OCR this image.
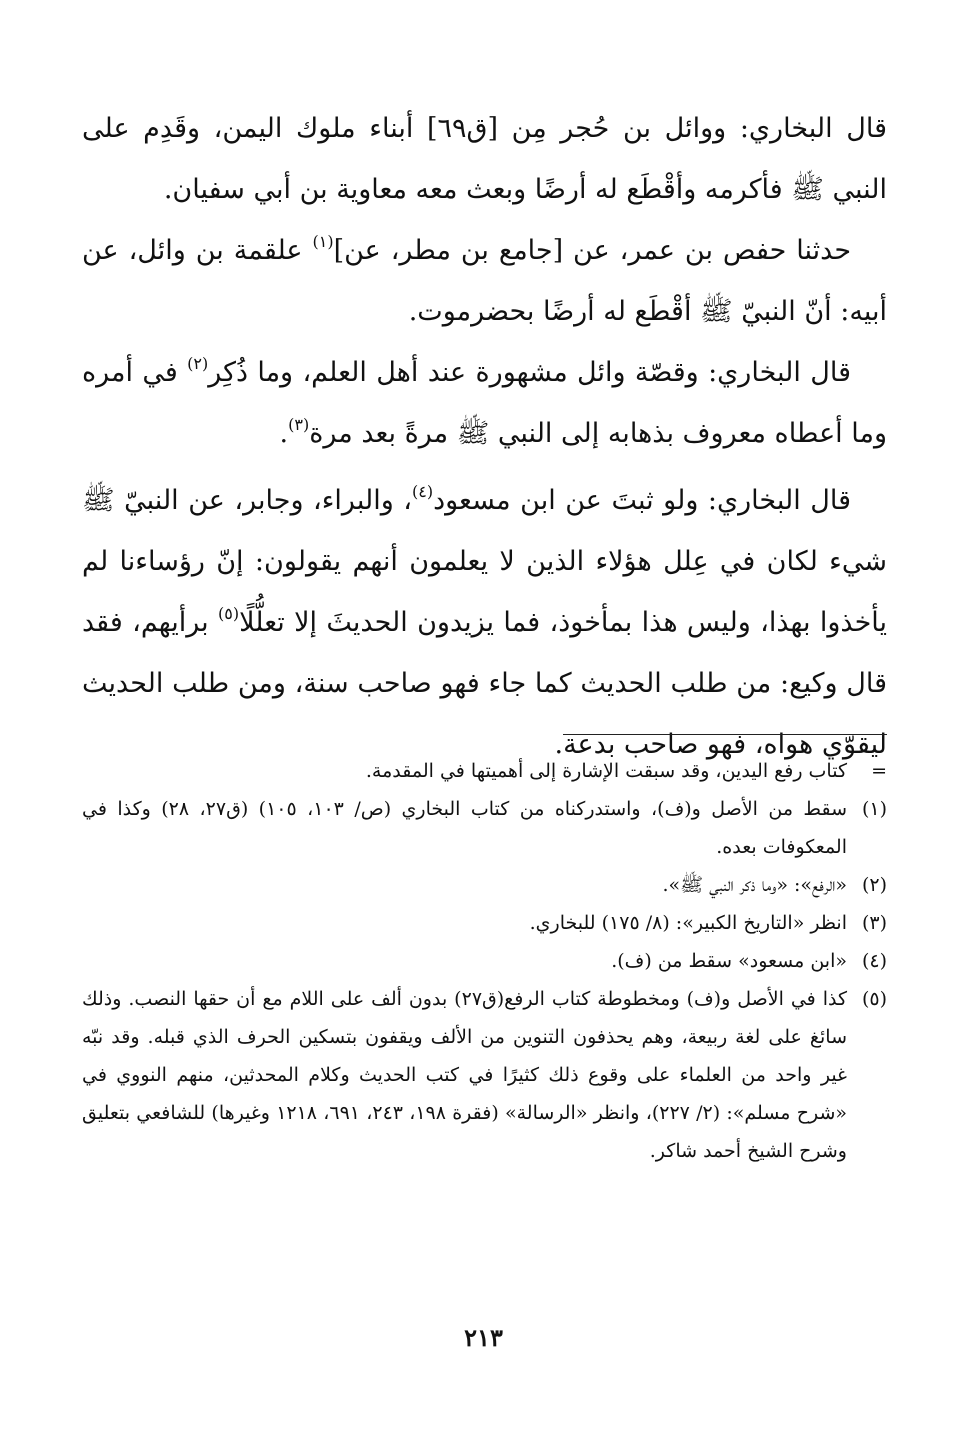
قال البخاري: ووائل بن حُجر مِن [ق٦٩] أبناء ملوك اليمن، وقَدِم على النبي ﷺ فأكرمه وأقْطَع له أرضًا وبعث معه معاوية بن أبي سفيان.

حدثنا حفص بن عمر، عن [جامع بن مطر، عن]$^{(١)}$ علقمة بن وائل، عن أبيه: أنّ النبيّ ﷺ أقْطَع له أرضًا بحضرموت.

قال البخاري: وقصّة وائل مشهورة عند أهل العلم، وما ذُكِر$^{(٢)}$ في أمره وما أعطاه معروف بذهابه إلى النبي ﷺ مرةً بعد مرة$^{(٣)}$.

قال البخاري: ولو ثبتَ عن ابن مسعود$^{(٤)}$، والبراء، وجابر، عن النبيّ ﷺ شيء لكان في عِلل هؤلاء الذين لا يعلمون أنهم يقولون: إنّ رؤساءنا لم يأخذوا بهذا، وليس هذا بمأخوذ، فما يزيدون الحديثَ إلا تعلُّلًا$^{(٥)}$ برأيهم، فقد قال وكيع: من طلب الحديث كما جاء فهو صاحب سنة، ومن طلب الحديث ليقوّي هواه، فهو صاحب بدعة.

=
كتاب رفع اليدين، وقد سبقت الإشارة إلى أهميتها في المقدمة.
(١)
سقط من الأصل و(ف)، واستدركناه من كتاب البخاري (ص/ ١٠٣، ١٠٥) (ق٢٧، ٢٨) وكذا في المعكوفات بعده.
(٢)
«الرفع»: «وما ذكر النبي ﷺ».
(٣)
انظر «التاريخ الكبير»: (٨/ ١٧٥) للبخاري.
(٤)
«ابن مسعود» سقط من (ف).
(٥)
كذا في الأصل و(ف) ومخطوطة كتاب الرفع(ق٢٧) بدون ألف على اللام مع أن حقها النصب. وذلك سائغ على لغة ربيعة، وهم يحذفون التنوين من الألف ويقفون بتسكين الحرف الذي قبله. وقد نبّه غير واحد من العلماء على وقوع ذلك كثيرًا في كتب الحديث وكلام المحدثين، منهم النووي في «شرح مسلم»: (٢/ ٢٢٧)، وانظر «الرسالة» (فقرة ١٩٨، ٢٤٣، ٦٩١، ١٢١٨ وغيرها) للشافعي بتعليق وشرح الشيخ أحمد شاكر.
٢١٣
